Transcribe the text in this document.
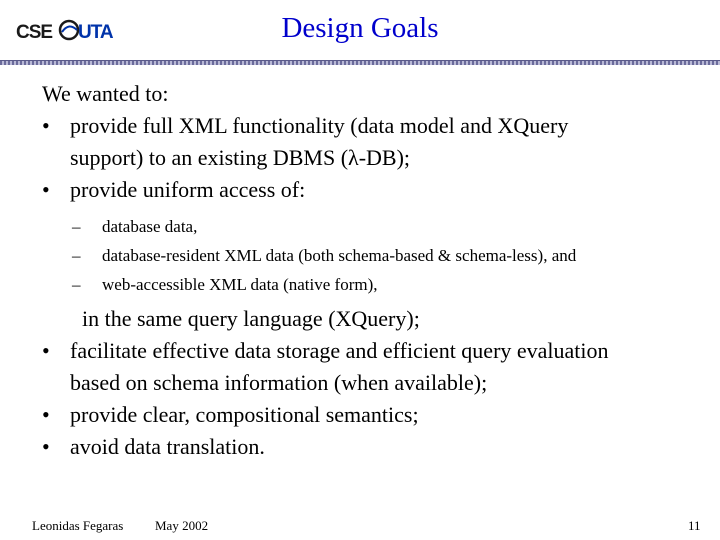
CSE UTA	Design Goals
We wanted to:
• provide full XML functionality (data model and XQuery
support) to an existing DBMS (λ-DB);
• provide uniform access of:
– database data,
– database-resident XML data (both schema-based & schema-less), and
– web-accessible XML data (native form),
in the same query language (XQuery);
• facilitate effective data storage and efficient query evaluation
based on schema information (when available);
• provide clear, compositional semantics;
• avoid data translation.
Leonidas Fegaras May 2002	11
